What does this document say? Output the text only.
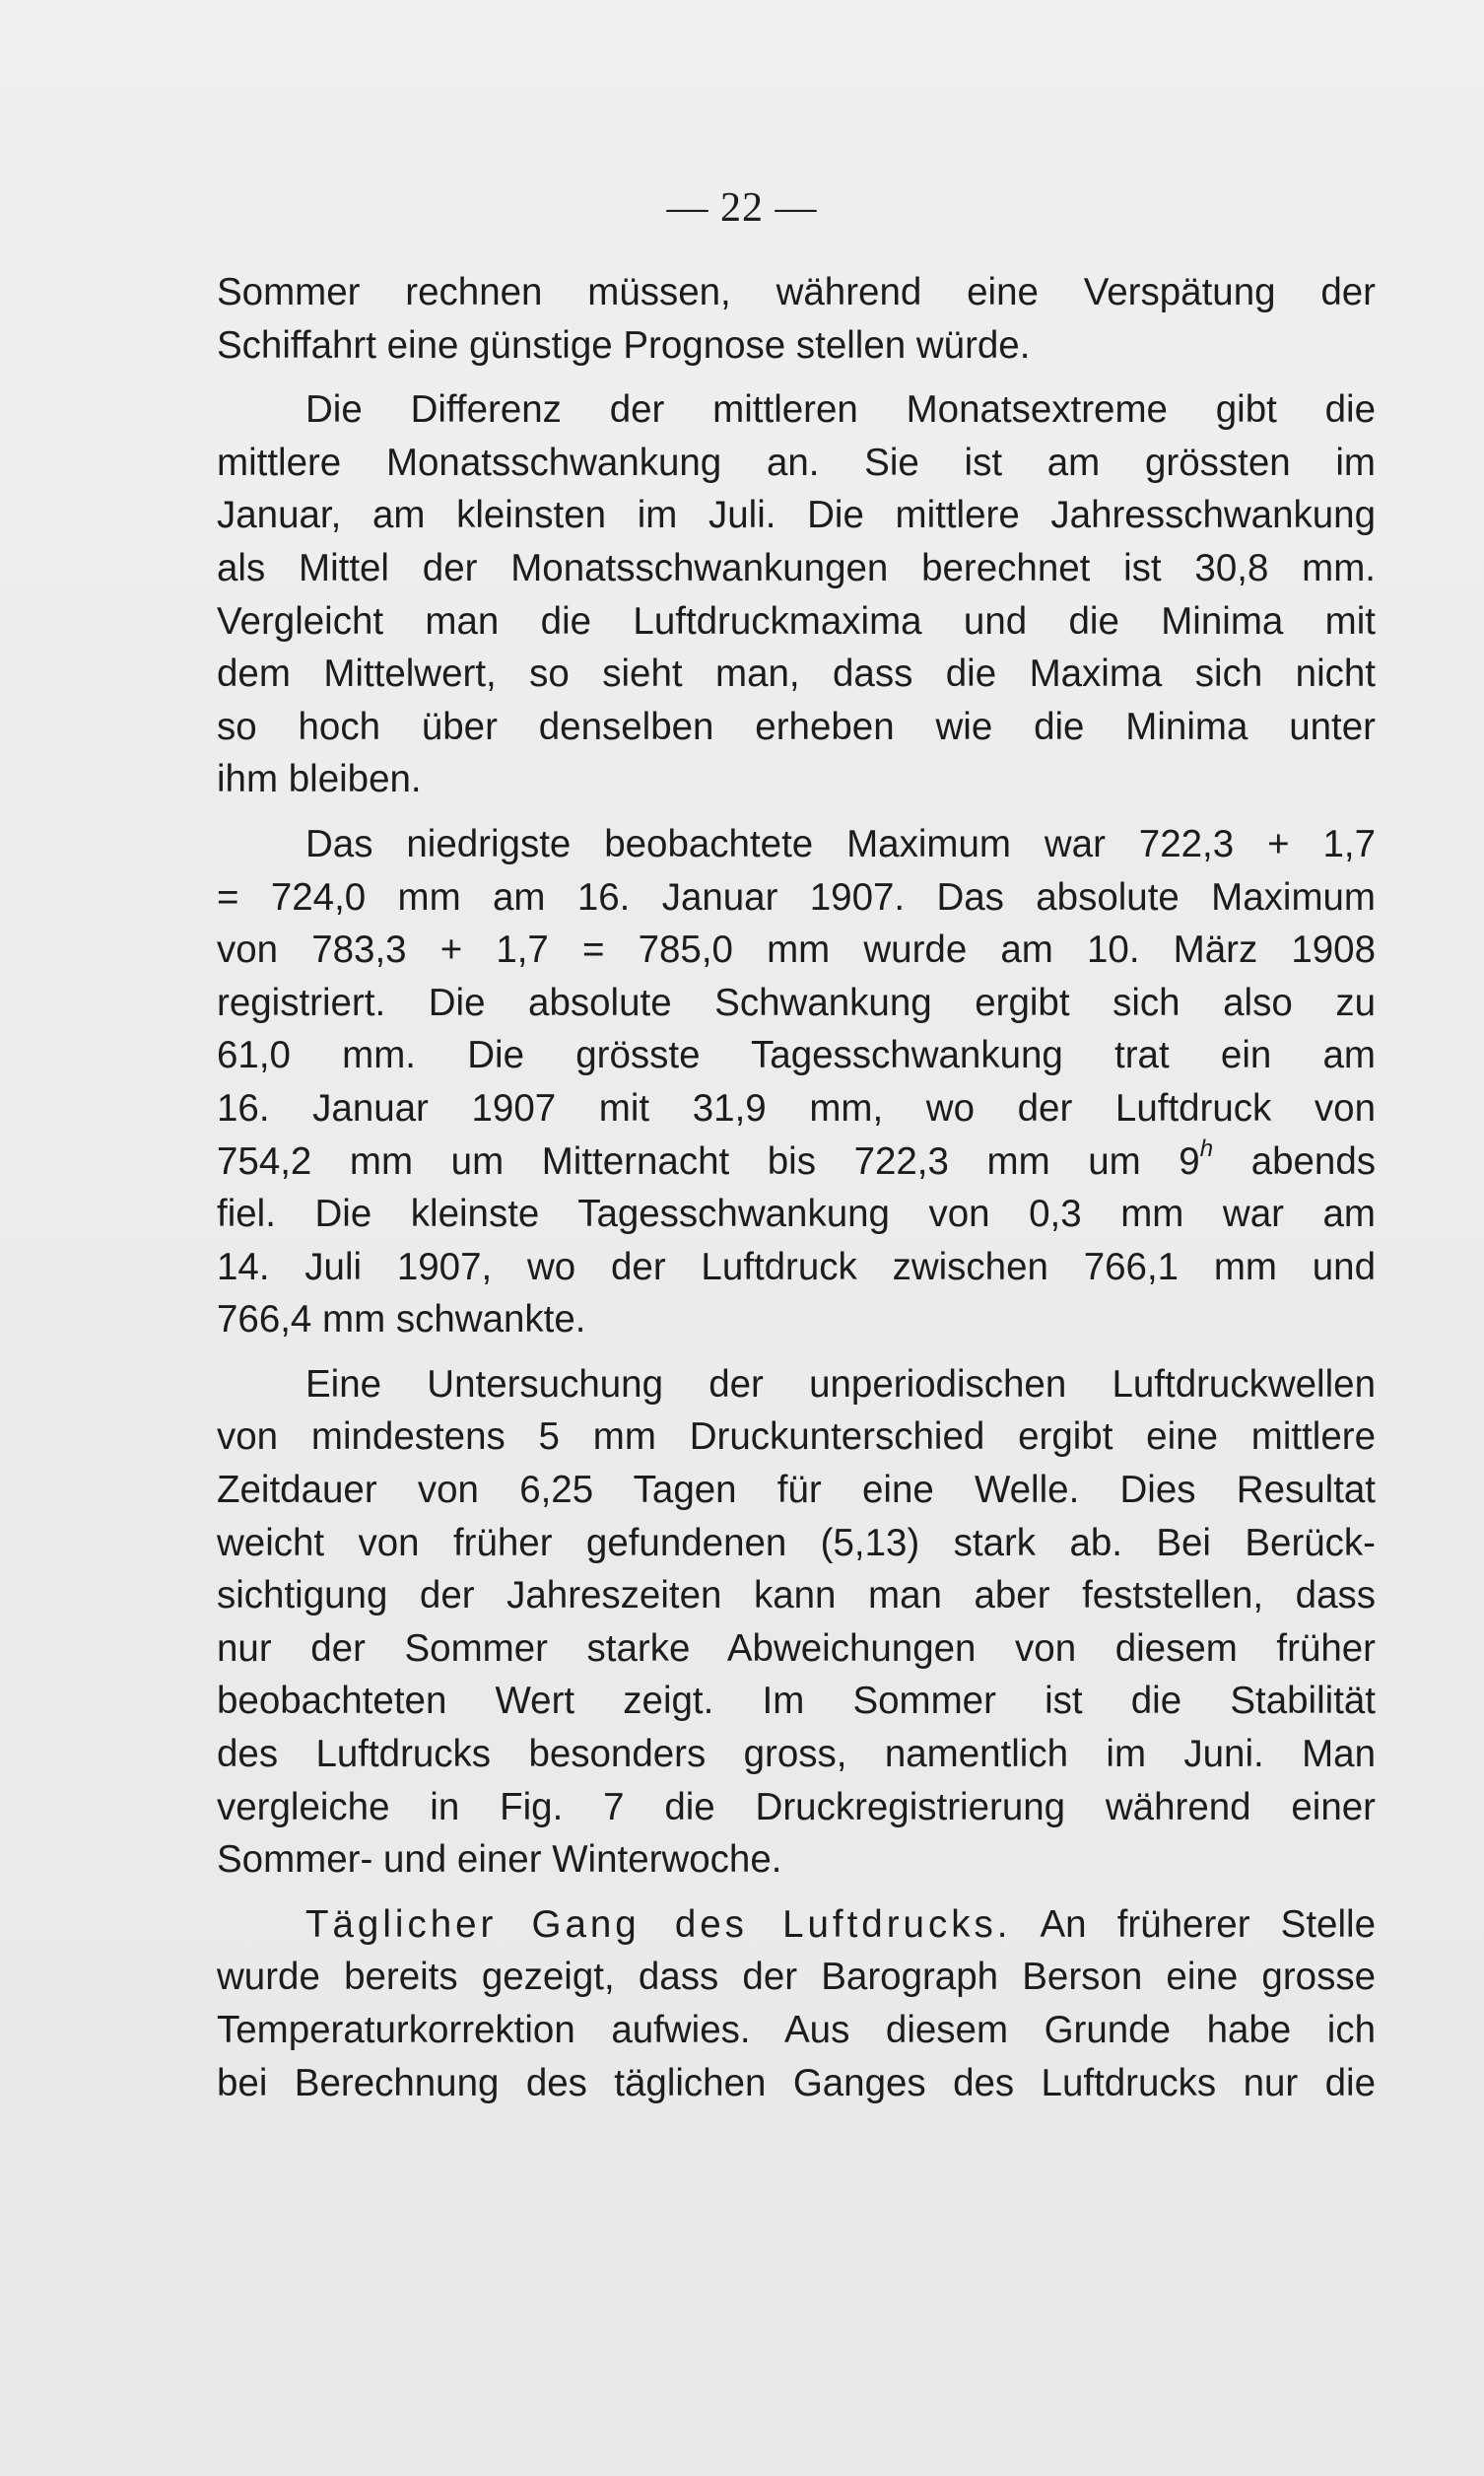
— 22 —
Sommer rechnen müssen, während eine Verspätung der
Schiffahrt eine günstige Prognose stellen würde.
Die Differenz der mittleren Monatsextreme gibt die
mittlere Monatsschwankung an. Sie ist am grössten im
Januar, am kleinsten im Juli. Die mittlere Jahresschwankung
als Mittel der Monatsschwankungen berechnet ist 30,8 mm.
Vergleicht man die Luftdruckmaxima und die Minima mit
dem Mittelwert, so sieht man, dass die Maxima sich nicht
so hoch über denselben erheben wie die Minima unter
ihm bleiben.
Das niedrigste beobachtete Maximum war 722,3 + 1,7
= 724,0 mm am 16. Januar 1907. Das absolute Maximum
von 783,3 + 1,7 = 785,0 mm wurde am 10. März 1908
registriert. Die absolute Schwankung ergibt sich also zu
61,0 mm. Die grösste Tagesschwankung trat ein am
16. Januar 1907 mit 31,9 mm, wo der Luftdruck von
754,2 mm um Mitternacht bis 722,3 mm um 9$^h$ abends
fiel. Die kleinste Tagesschwankung von 0,3 mm war am
14. Juli 1907, wo der Luftdruck zwischen 766,1 mm und
766,4 mm schwankte.
Eine Untersuchung der unperiodischen Luftdruckwellen
von mindestens 5 mm Druckunterschied ergibt eine mittlere
Zeitdauer von 6,25 Tagen für eine Welle. Dies Resultat
weicht von früher gefundenen (5,13) stark ab. Bei Berück-
sichtigung der Jahreszeiten kann man aber feststellen, dass
nur der Sommer starke Abweichungen von diesem früher
beobachteten Wert zeigt. Im Sommer ist die Stabilität
des Luftdrucks besonders gross, namentlich im Juni. Man
vergleiche in Fig. 7 die Druckregistrierung während einer
Sommer- und einer Winterwoche.
Täglicher Gang des Luftdrucks. An früherer Stelle
wurde bereits gezeigt, dass der Barograph Berson eine grosse
Temperaturkorrektion aufwies. Aus diesem Grunde habe ich
bei Berechnung des täglichen Ganges des Luftdrucks nur die
